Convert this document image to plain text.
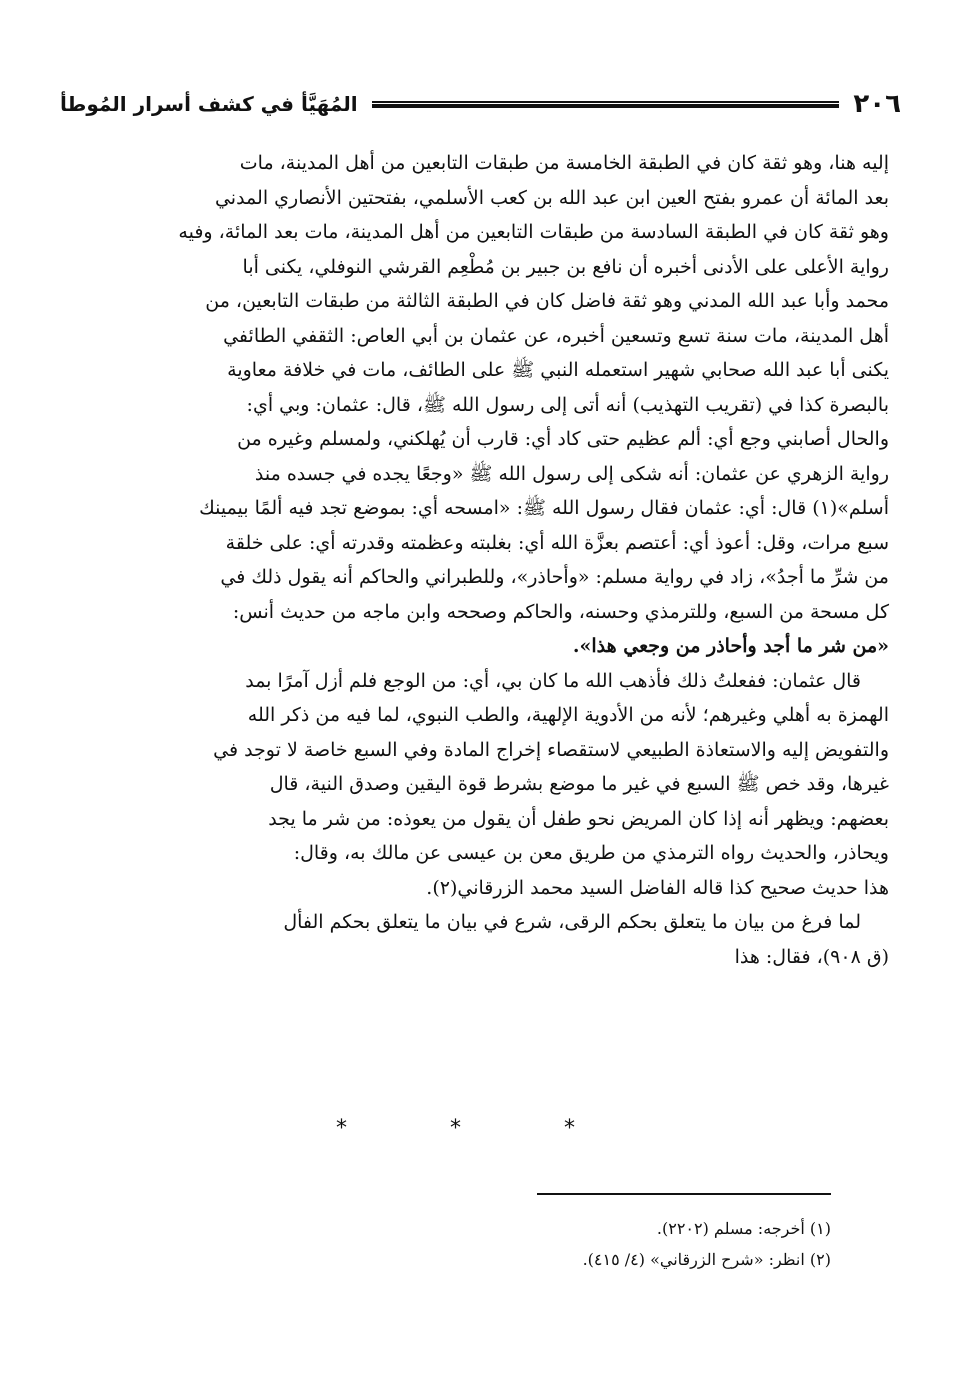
٢٠٦
المُهَيَّأ في كشف أسرار المُوطأ

إليه هنا، وهو ثقة كان في الطبقة الخامسة من طبقات التابعين من أهل المدينة، مات

بعد المائة أن عمرو بفتح العين ابن عبد الله بن كعب الأسلمي، بفتحتين الأنصاري المدني

وهو ثقة كان في الطبقة السادسة من طبقات التابعين من أهل المدينة، مات بعد المائة، وفيه

رواية الأعلى على الأدنى أخبره أن نافع بن جبير بن مُطْعِم القرشي النوفلي، يكنى أبا

محمد وأبا عبد الله المدني وهو ثقة فاضل كان في الطبقة الثالثة من طبقات التابعين، من

أهل المدينة، مات سنة تسع وتسعين أخبره، عن عثمان بن أبي العاص: الثقفي الطائفي

يكنى أبا عبد الله صحابي شهير استعمله النبي ﷺ على الطائف، مات في خلافة معاوية

بالبصرة كذا في (تقريب التهذيب) أنه أتى إلى رسول الله ﷺ، قال: عثمان: وبي أي:

والحال أصابني وجع أي: ألم عظيم حتى كاد أي: قارب أن يُهلكني، ولمسلم وغيره من

رواية الزهري عن عثمان: أنه شكى إلى رسول الله ﷺ «وجعًا يجده في جسده منذ

أسلم»(١) قال: أي: عثمان فقال رسول الله ﷺ: «امسحه أي: بموضع تجد فيه ألمًا بيمينك

سبع مرات، وقل: أعوذ أي: أعتصم بعزَّة الله أي: بغلبته وعظمته وقدرته أي: على خلقة

من شرِّ ما أجدُ»، زاد في رواية مسلم: «وأحاذر»، وللطبراني والحاكم أنه يقول ذلك في

كل مسحة من السبع، وللترمذي وحسنه، والحاكم وصححه وابن ماجه من حديث أنس:

«من شر ما أجد وأحاذر من وجعي هذا».

قال عثمان: ففعلتُ ذلك فأذهب الله ما كان بي، أي: من الوجع فلم أزل آمرًا بمد

الهمزة به أهلي وغيرهم؛ لأنه من الأدوية الإلهية، والطب النبوي، لما فيه من ذكر الله

والتفويض إليه والاستعاذة الطبيعي لاستقصاء إخراج المادة وفي السبع خاصة لا توجد في

غيرها، وقد خص ﷺ السبع في غير ما موضع بشرط قوة اليقين وصدق النية، قال

بعضهم: ويظهر أنه إذا كان المريض نحو طفل أن يقول من يعوذه: من شر ما يجد

ويحاذر، والحديث رواه الترمذي من طريق معن بن عيسى عن مالك به، وقال:

هذا حديث صحيح كذا قاله الفاضل السيد محمد الزرقاني(٢).

لما فرغ من بيان ما يتعلق بحكم الرقى، شرع في بيان ما يتعلق بحكم الفأل

(ق ٩٠٨)، فقال: هذا

* * *
(١) أخرجه: مسلم (٢٢٠٢).
(٢) انظر: «شرح الزرقاني» (٤/ ٤١٥).
